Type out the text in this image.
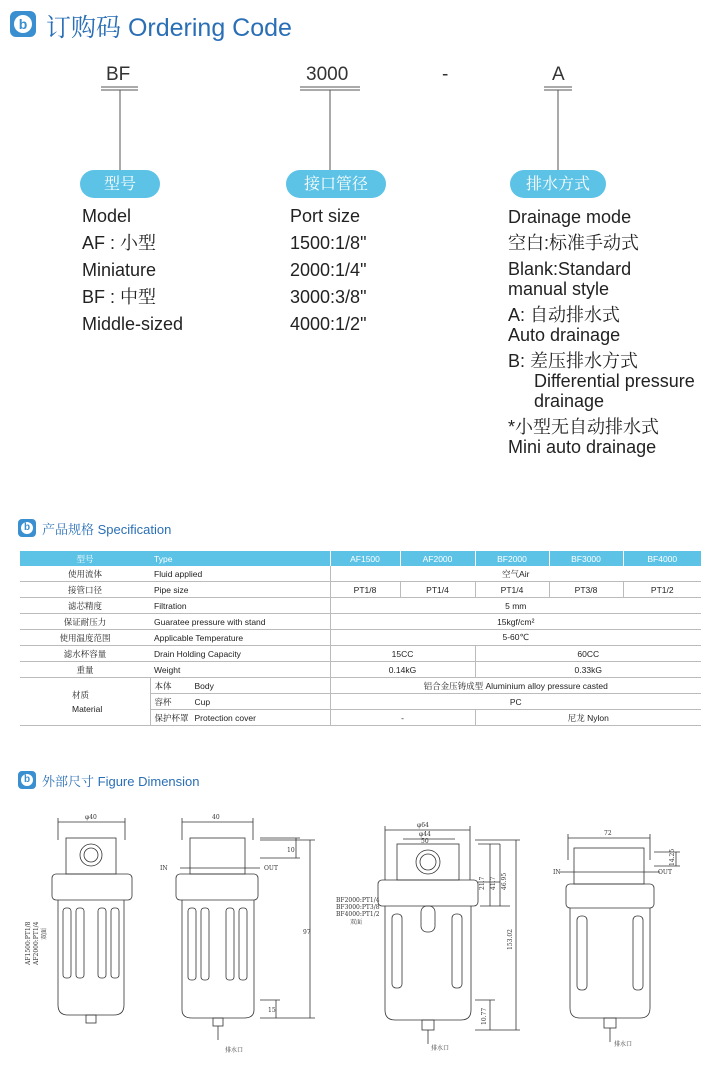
b 订购码 Ordering Code
BF	3000	-	A
型号	接口管径	排水方式
Model
AF : 小型
Miniature
BF : 中型
Middle-sized
Port size
1500:1/8"
2000:1/4"
3000:3/8"
4000:1/2"
Drainage mode
空白:标准手动式
Blank:Standard
manual style
A: 自动排水式
Auto drainage
B: 差压排水方式
Differential pressure
drainage
*小型无自动排水式
Mini auto drainage
b 产品规格 Specification
型号	Type	AF1500	AF2000	BF2000	BF3000	BF4000
使用流体	Fluid applied	空气Air				
接管口径	Pipe size	PT1/8	PT1/4	PT1/4	PT3/8	PT1/2
滤芯精度	Filtration	5 mm				
保证耐压力	Guaratee pressure with stand	15kgf/cm²				
使用温度范围	Applicable Temperature	5-60℃				
滤水杯容量	Drain Holding Capacity	15CC		60CC		
重量	Weight	0.14kG		0.33kG		

材质
Material	本体 Body	铝合金压铸成型 Aluminium alloy pressure casted				
	容杯 Cup	PC				
	保护杯罩 Protection cover	-		尼龙 Nylon		
b 外部尺寸 Figure Dimension
φ40	40
IN	OUT
10
97
15
排水口
AF1500:PT1/8 AF2000:PT1/4 双面
φ64
φ44
50
21.7 41.7 46.95
153.02
10.77
排水口
BF2000:PT1/4
BF3000:PT3/8
BF4000:PT1/2
双面
72
IN	OUT
14.25
排水口
